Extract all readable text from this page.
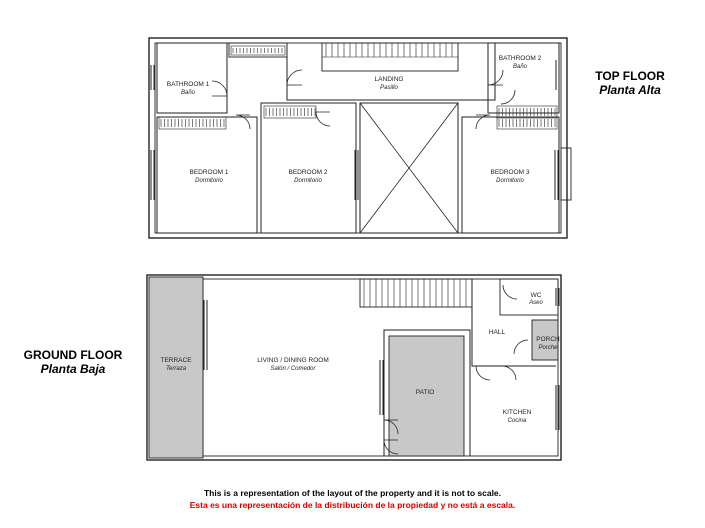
BATHROOM 1
Baño
LANDING
Pasillo
BATHROOM 2
Baño
BEDROOM 1
Dormitorio
BEDROOM 2
Dormitorio
BEDROOM 3
Dormitorio
WC
Aseo
HALL
PORCH
Porche
TERRACE
Terraza
LIVING / DINING ROOM
Salón / Comedor
PATIO
KITCHEN
Cocina
TOP FLOOR
Planta Alta
GROUND FLOOR
Planta Baja
This is a representation of the layout of the property and it is not to scale.
Esta es una representación de la distribución de la propiedad y no está a escala.
